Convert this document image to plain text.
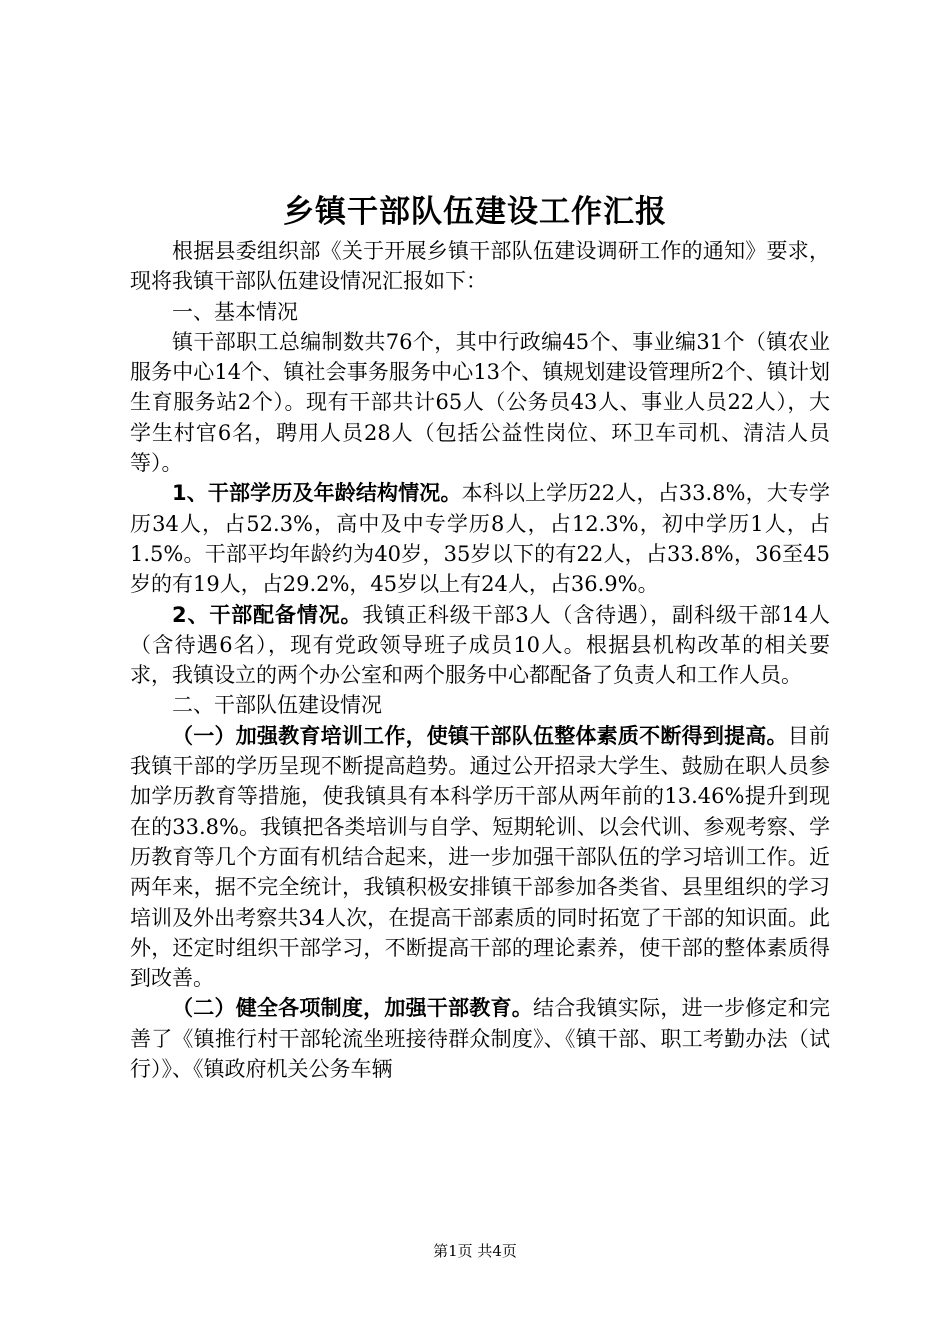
乡镇干部队伍建设工作汇报

根据县委组织部《关于开展乡镇干部队伍建设调研工作的通知》要求，现将我镇干部队伍建设情况汇报如下：

一、基本情况

镇干部职工总编制数共76个，其中行政编45个、事业编31个（镇农业服务中心14个、镇社会事务服务中心13个、镇规划建设管理所2个、镇计划生育服务站2个）。现有干部共计65人（公务员43人、事业人员22人），大学生村官6名，聘用人员28人（包括公益性岗位、环卫车司机、清洁人员等）。

1、干部学历及年龄结构情况。本科以上学历22人，占33.8%，大专学历34人，占52.3%，高中及中专学历8人，占12.3%，初中学历1人，占1.5%。干部平均年龄约为40岁，35岁以下的有22人，占33.8%，36至45岁的有19人，占29.2%，45岁以上有24人，占36.9%。

2、干部配备情况。我镇正科级干部3人（含待遇），副科级干部14人（含待遇6名），现有党政领导班子成员10人。根据县机构改革的相关要求，我镇设立的两个办公室和两个服务中心都配备了负责人和工作人员。

二、干部队伍建设情况

（一）加强教育培训工作，使镇干部队伍整体素质不断得到提高。目前我镇干部的学历呈现不断提高趋势。通过公开招录大学生、鼓励在职人员参加学历教育等措施，使我镇具有本科学历干部从两年前的13.46%提升到现在的33.8%。我镇把各类培训与自学、短期轮训、以会代训、参观考察、学历教育等几个方面有机结合起来，进一步加强干部队伍的学习培训工作。近两年来，据不完全统计，我镇积极安排镇干部参加各类省、县里组织的学习培训及外出考察共34人次，在提高干部素质的同时拓宽了干部的知识面。此外，还定时组织干部学习，不断提高干部的理论素养，使干部的整体素质得到改善。

（二）健全各项制度，加强干部教育。结合我镇实际，进一步修定和完善了《镇推行村干部轮流坐班接待群众制度》、《镇干部、职工考勤办法（试行）》、《镇政府机关公务车辆

第1页 共4页
